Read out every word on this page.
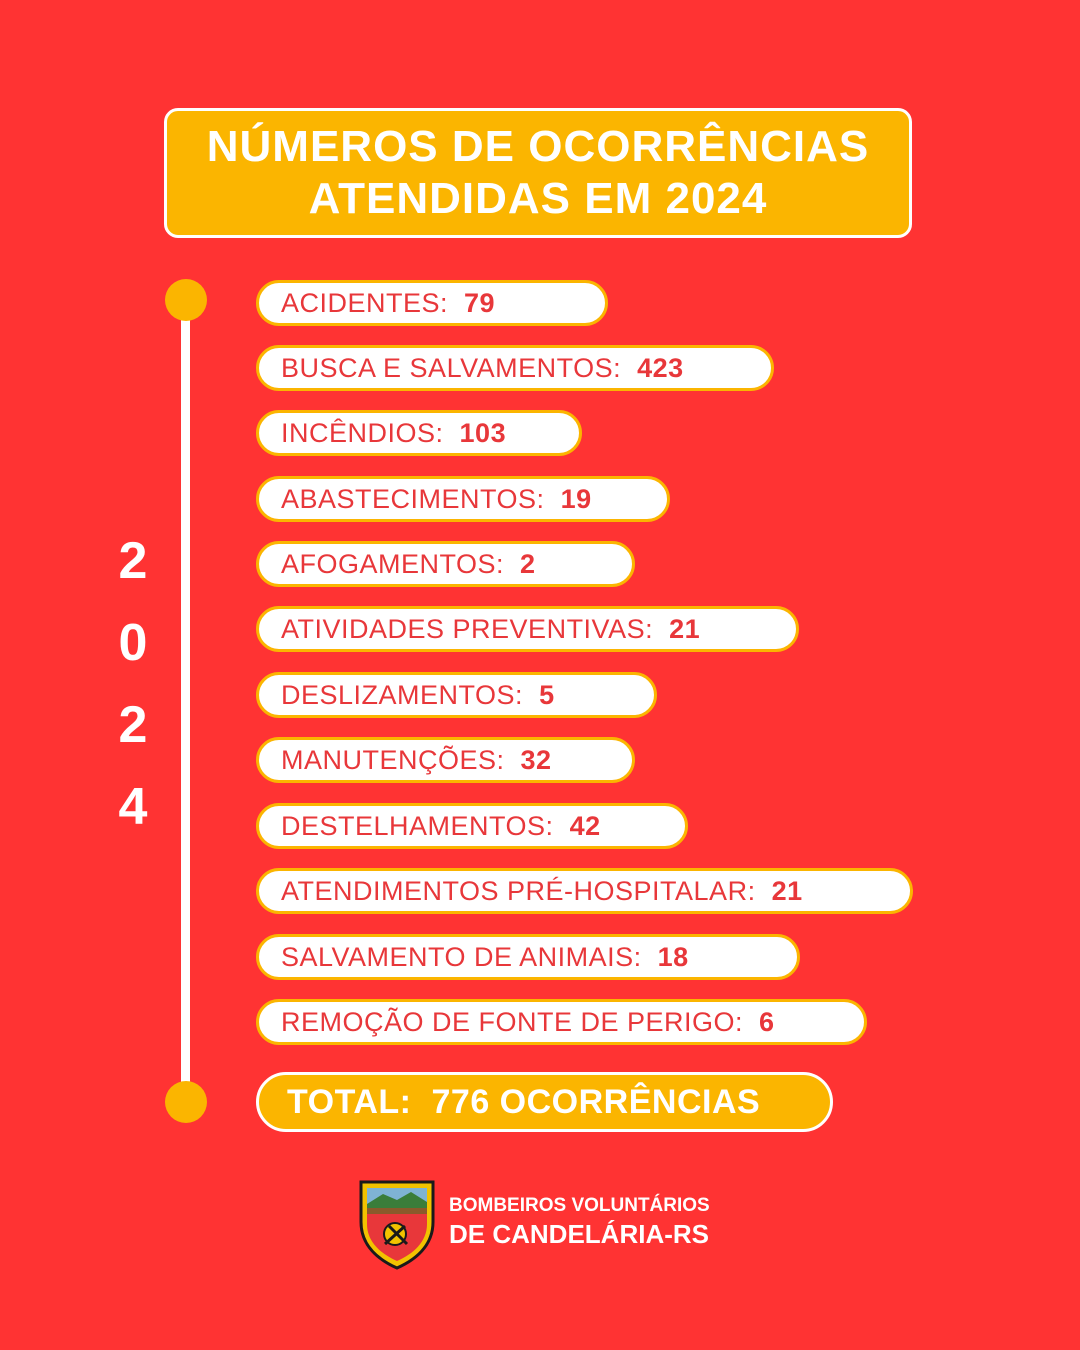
NÚMEROS DE OCORRÊNCIAS
ATENDIDAS EM 2024
2
0
2
4
ACIDENTES: 79
BUSCA E SALVAMENTOS: 423
INCÊNDIOS: 103
ABASTECIMENTOS: 19
AFOGAMENTOS: 2
ATIVIDADES PREVENTIVAS: 21
DESLIZAMENTOS: 5
MANUTENÇÕES: 32
DESTELHAMENTOS: 42
ATENDIMENTOS PRÉ-HOSPITALAR: 21
SALVAMENTO DE ANIMAIS: 18
REMOÇÃO DE FONTE DE PERIGO: 6
TOTAL: 776 OCORRÊNCIAS
BOMBEIROS VOLUNTÁRIOS
DE CANDELÁRIA-RS
